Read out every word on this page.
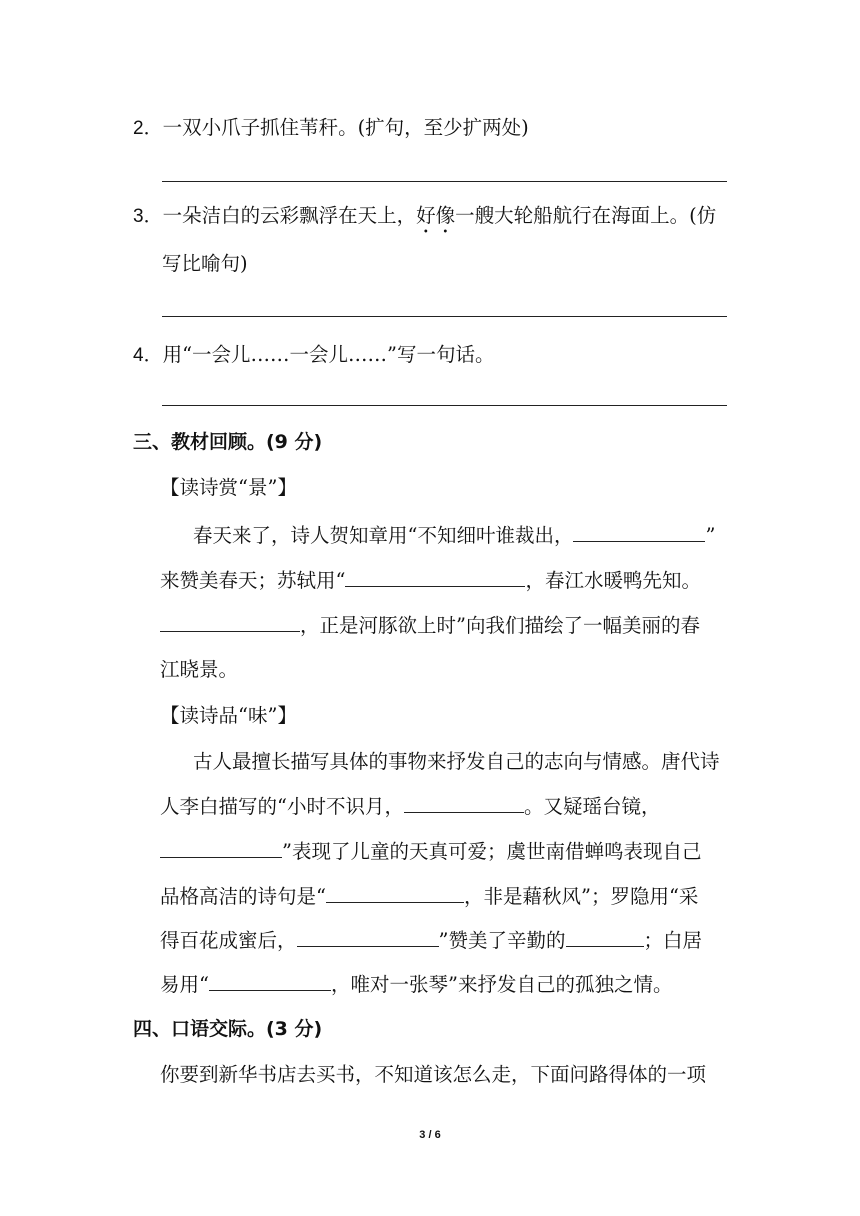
2．一双小爪子抓住苇秆。(扩句，至少扩两处)
3．一朵洁白的云彩飘浮在天上，好像一艘大轮船航行在海面上。(仿
写比喻句)
4．用“一会儿……一会儿……”写一句话。
三、教材回顾。(9 分)
【读诗赏“景”】
春天来了，诗人贺知章用“不知细叶谁裁出，	”
来赞美春天；苏轼用“	，春江水暖鸭先知。
，正是河豚欲上时”向我们描绘了一幅美丽的春
江晓景。
【读诗品“味”】
古人最擅长描写具体的事物来抒发自己的志向与情感。唐代诗
人李白描写的“小时不识月，	。又疑瑶台镜，
”表现了儿童的天真可爱；虞世南借蝉鸣表现自己
品格高洁的诗句是“	，非是藉秋风”；罗隐用“采
得百花成蜜后，	”赞美了辛勤的	；白居
易用“	，唯对一张琴”来抒发自己的孤独之情。
四、口语交际。(3 分)
你要到新华书店去买书，不知道该怎么走，下面问路得体的一项
3 / 6
